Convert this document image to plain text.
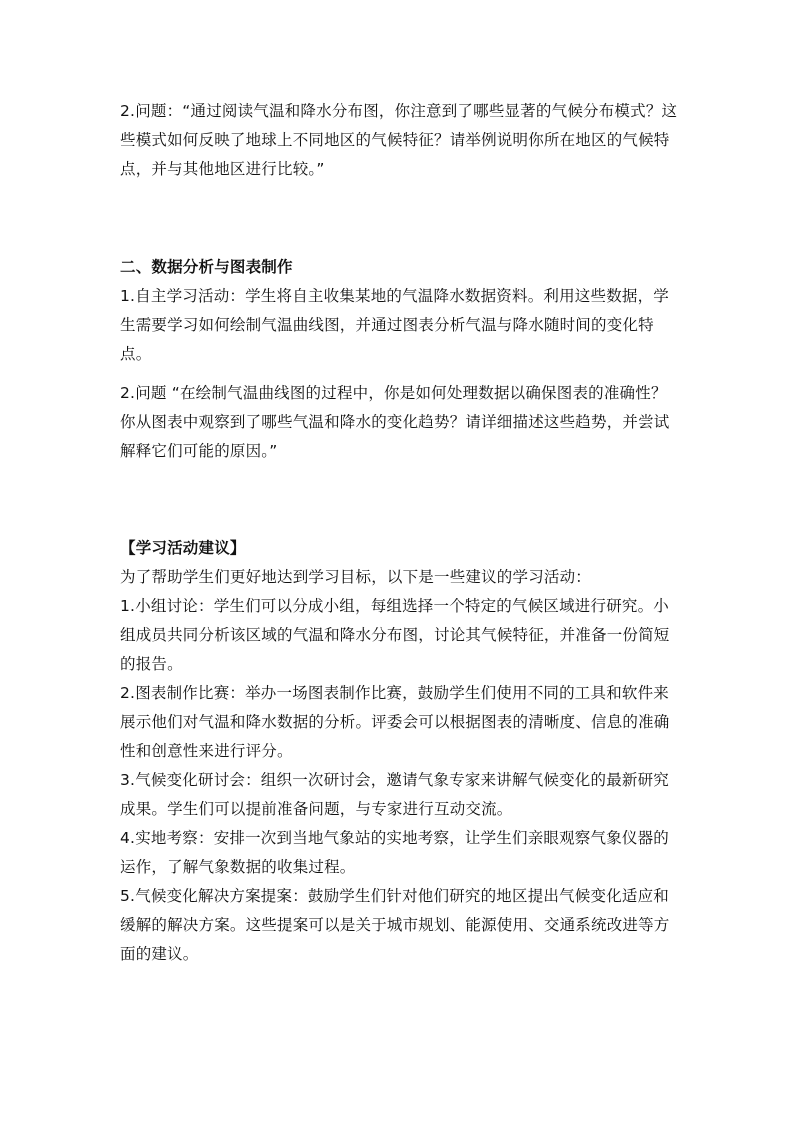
2.问题：“通过阅读气温和降水分布图，你注意到了哪些显著的气候分布模式？这些模式如何反映了地球上不同地区的气候特征？请举例说明你所在地区的气候特点，并与其他地区进行比较。”

二、数据分析与图表制作

1.自主学习活动：学生将自主收集某地的气温降水数据资料。利用这些数据，学生需要学习如何绘制气温曲线图，并通过图表分析气温与降水随时间的变化特点。

2.问题 “在绘制气温曲线图的过程中，你是如何处理数据以确保图表的准确性？你从图表中观察到了哪些气温和降水的变化趋势？请详细描述这些趋势，并尝试解释它们可能的原因。”

【学习活动建议】

为了帮助学生们更好地达到学习目标，以下是一些建议的学习活动：

1.小组讨论：学生们可以分成小组，每组选择一个特定的气候区域进行研究。小组成员共同分析该区域的气温和降水分布图，讨论其气候特征，并准备一份简短的报告。

2.图表制作比赛：举办一场图表制作比赛，鼓励学生们使用不同的工具和软件来展示他们对气温和降水数据的分析。评委会可以根据图表的清晰度、信息的准确性和创意性来进行评分。

3.气候变化研讨会：组织一次研讨会，邀请气象专家来讲解气候变化的最新研究成果。学生们可以提前准备问题，与专家进行互动交流。

4.实地考察：安排一次到当地气象站的实地考察，让学生们亲眼观察气象仪器的运作，了解气象数据的收集过程。

5.气候变化解决方案提案：鼓励学生们针对他们研究的地区提出气候变化适应和缓解的解决方案。这些提案可以是关于城市规划、能源使用、交通系统改进等方面的建议。
